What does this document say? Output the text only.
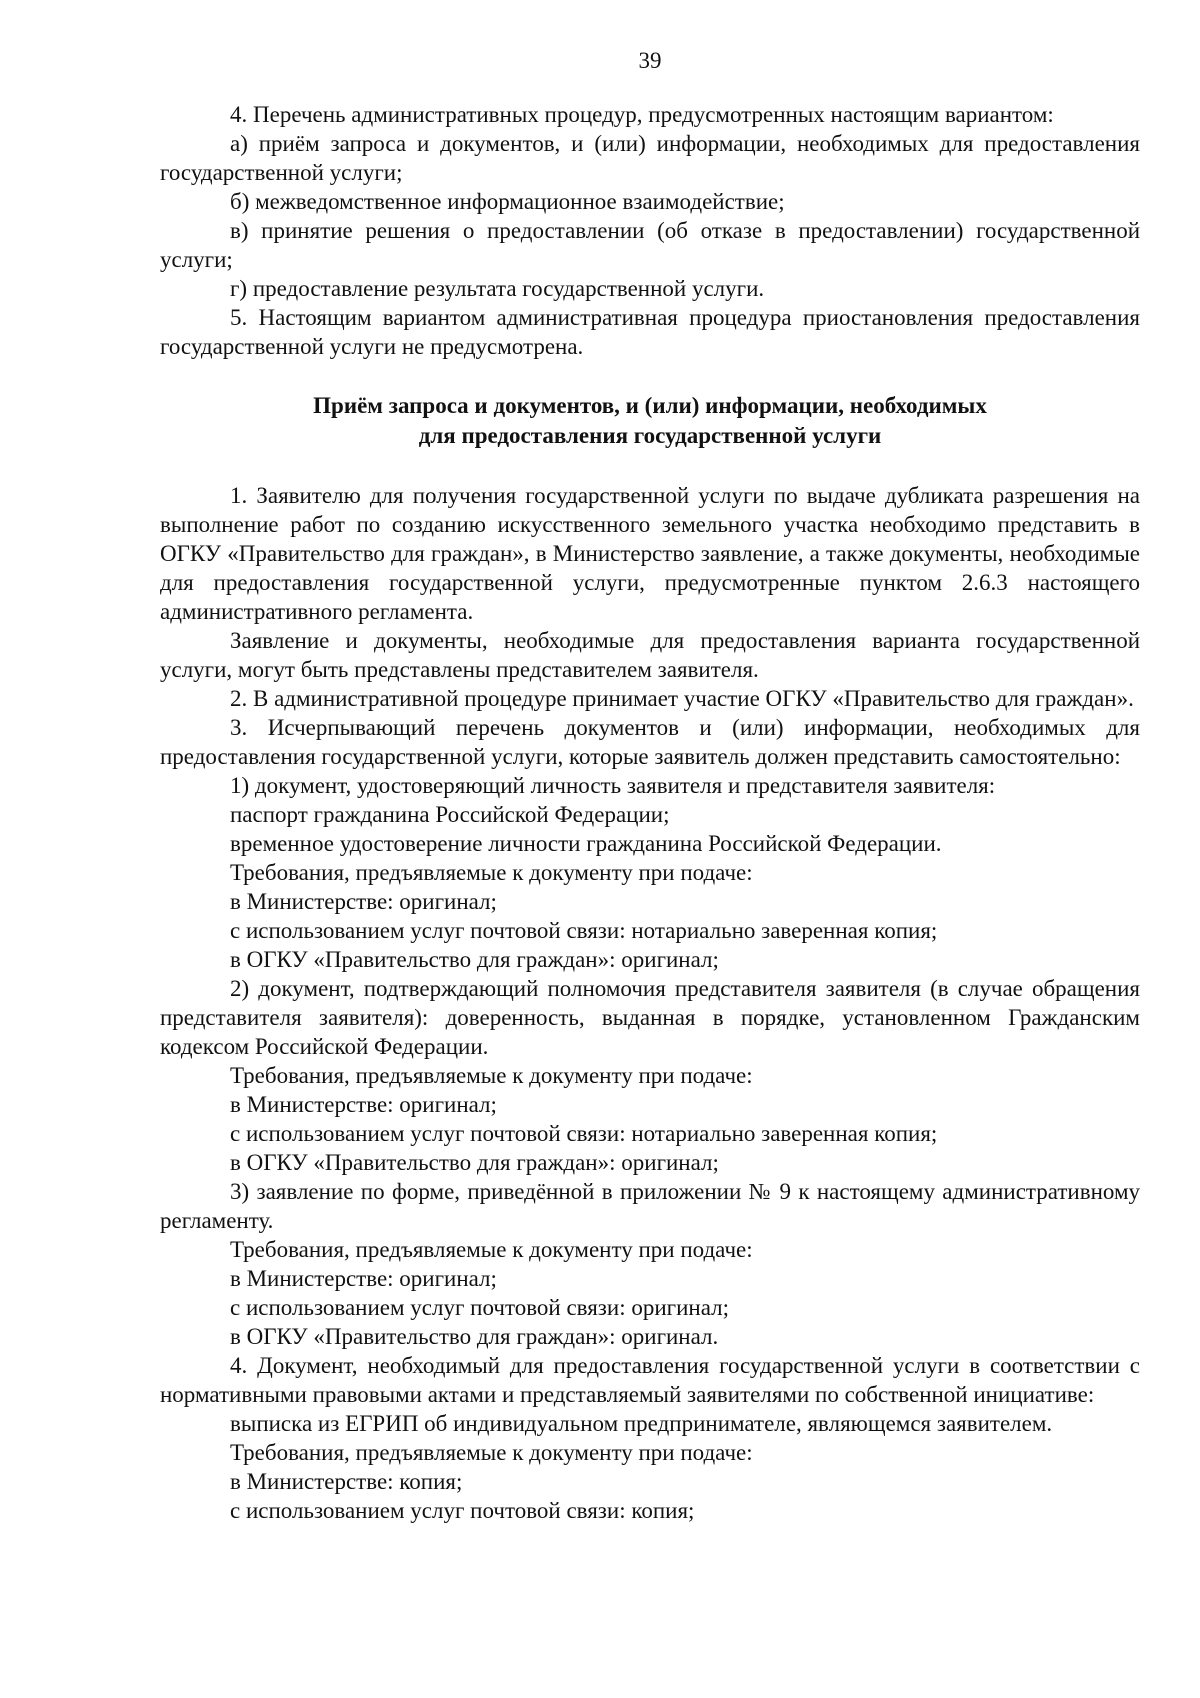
39

4. Перечень административных процедур, предусмотренных настоящим вариантом:

а) приём запроса и документов, и (или) информации, необходимых для предоставления государственной услуги;

б) межведомственное информационное взаимодействие;

в) принятие решения о предоставлении (об отказе в предоставлении) государственной услуги;

г) предоставление результата государственной услуги.

5. Настоящим вариантом административная процедура приостановления предоставления государственной услуги не предусмотрена.

Приём запроса и документов, и (или) информации, необходимых
для предоставления государственной услуги

1. Заявителю для получения государственной услуги по выдаче дубликата разрешения на выполнение работ по созданию искусственного земельного участка необходимо представить в ОГКУ «Правительство для граждан», в Министерство заявление, а также документы, необходимые для предоставления государственной услуги, предусмотренные пунктом 2.6.3 настоящего административного регламента.

Заявление и документы, необходимые для предоставления варианта государственной услуги, могут быть представлены представителем заявителя.

2. В административной процедуре принимает участие ОГКУ «Правительство для граждан».

3. Исчерпывающий перечень документов и (или) информации, необходимых для предоставления государственной услуги, которые заявитель должен представить самостоятельно:

1) документ, удостоверяющий личность заявителя и представителя заявителя:

паспорт гражданина Российской Федерации;

временное удостоверение личности гражданина Российской Федерации.

Требования, предъявляемые к документу при подаче:

в Министерстве: оригинал;

с использованием услуг почтовой связи: нотариально заверенная копия;

в ОГКУ «Правительство для граждан»: оригинал;

2) документ, подтверждающий полномочия представителя заявителя (в случае обращения представителя заявителя): доверенность, выданная в порядке, установленном Гражданским кодексом Российской Федерации.

Требования, предъявляемые к документу при подаче:

в Министерстве: оригинал;

с использованием услуг почтовой связи: нотариально заверенная копия;

в ОГКУ «Правительство для граждан»: оригинал;

3) заявление по форме, приведённой в приложении № 9 к настоящему административному регламенту.

Требования, предъявляемые к документу при подаче:

в Министерстве: оригинал;

с использованием услуг почтовой связи: оригинал;

в ОГКУ «Правительство для граждан»: оригинал.

4. Документ, необходимый для предоставления государственной услуги в соответствии с нормативными правовыми актами и представляемый заявителями по собственной инициативе:

выписка из ЕГРИП об индивидуальном предпринимателе, являющемся заявителем.

Требования, предъявляемые к документу при подаче:

в Министерстве: копия;

с использованием услуг почтовой связи: копия;
